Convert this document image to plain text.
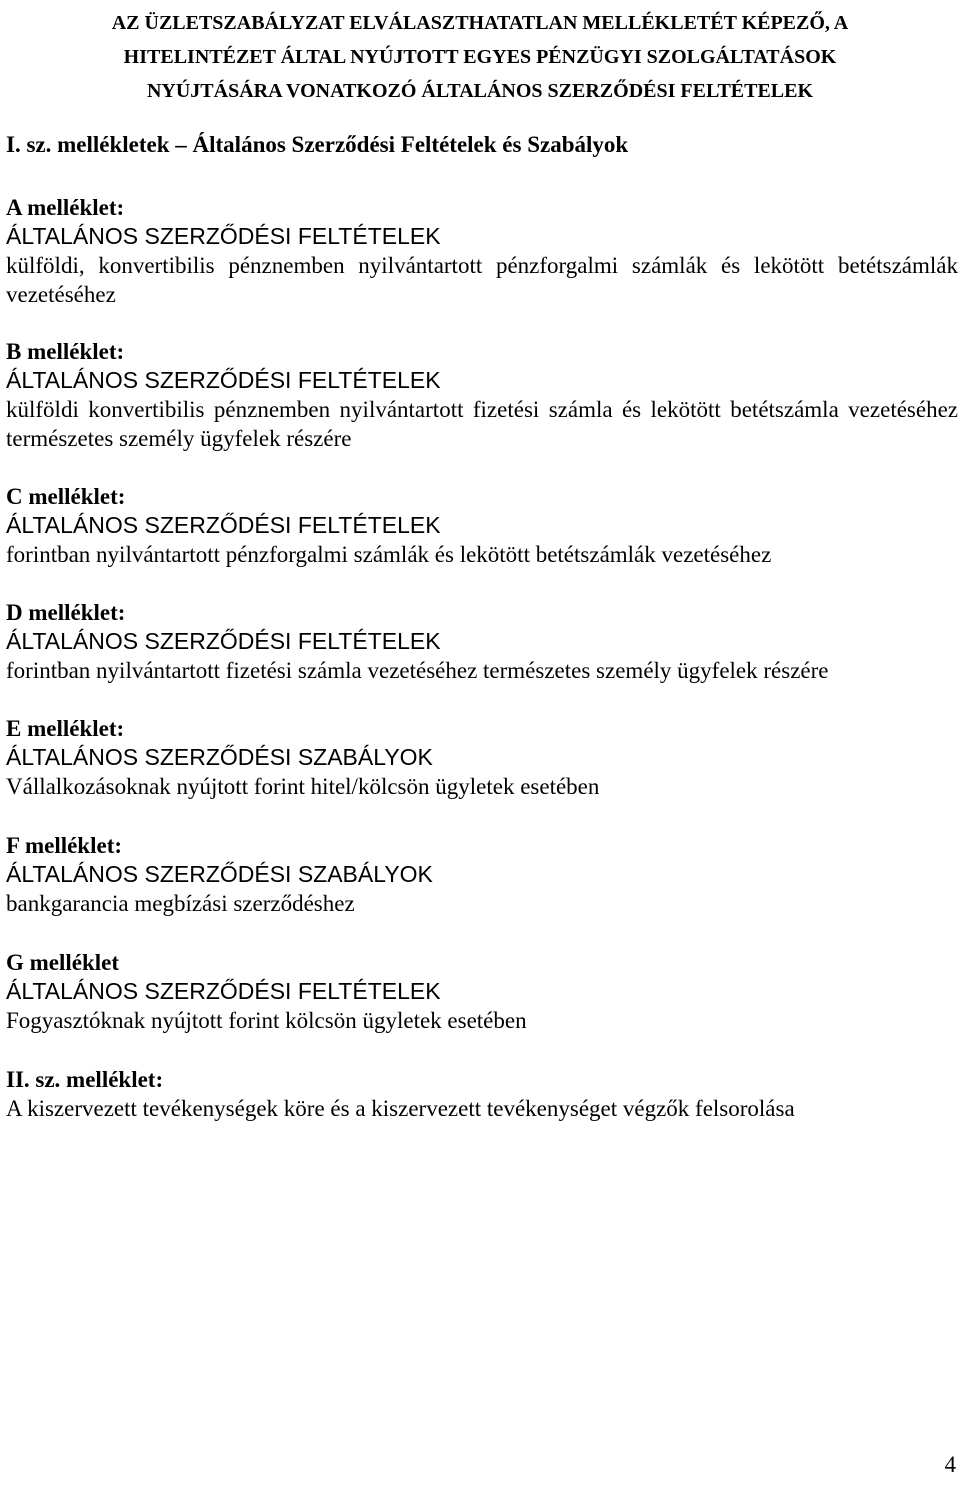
AZ ÜZLETSZABÁLYZAT ELVÁLASZTHATATLAN MELLÉKLETÉT KÉPEZŐ, A
HITELINTÉZET ÁLTAL NYÚJTOTT EGYES PÉNZÜGYI SZOLGÁLTATÁSOK
NYÚJTÁSÁRA VONATKOZÓ ÁLTALÁNOS SZERZŐDÉSI FELTÉTELEK
I. sz. mellékletek – Általános Szerződési Feltételek és Szabályok
A melléklet:
ÁLTALÁNOS SZERZŐDÉSI FELTÉTELEK
külföldi, konvertibilis pénznemben nyilvántartott pénzforgalmi számlák és lekötött betétszámlák vezetéséhez
B melléklet:
ÁLTALÁNOS SZERZŐDÉSI FELTÉTELEK
külföldi konvertibilis pénznemben nyilvántartott fizetési számla és lekötött betétszámla vezetéséhez természetes személy ügyfelek részére
C melléklet:
ÁLTALÁNOS SZERZŐDÉSI FELTÉTELEK
forintban nyilvántartott pénzforgalmi számlák és lekötött betétszámlák vezetéséhez
D melléklet:
ÁLTALÁNOS SZERZŐDÉSI FELTÉTELEK
forintban nyilvántartott fizetési számla vezetéséhez természetes személy ügyfelek részére
E melléklet:
ÁLTALÁNOS SZERZŐDÉSI SZABÁLYOK
Vállalkozásoknak nyújtott forint hitel/kölcsön ügyletek esetében
F melléklet:
ÁLTALÁNOS SZERZŐDÉSI SZABÁLYOK
bankgarancia megbízási szerződéshez
G melléklet
ÁLTALÁNOS SZERZŐDÉSI FELTÉTELEK
Fogyasztóknak nyújtott forint kölcsön ügyletek esetében
II. sz. melléklet:
A kiszervezett tevékenységek köre és a kiszervezett tevékenységet végzők felsorolása
4
